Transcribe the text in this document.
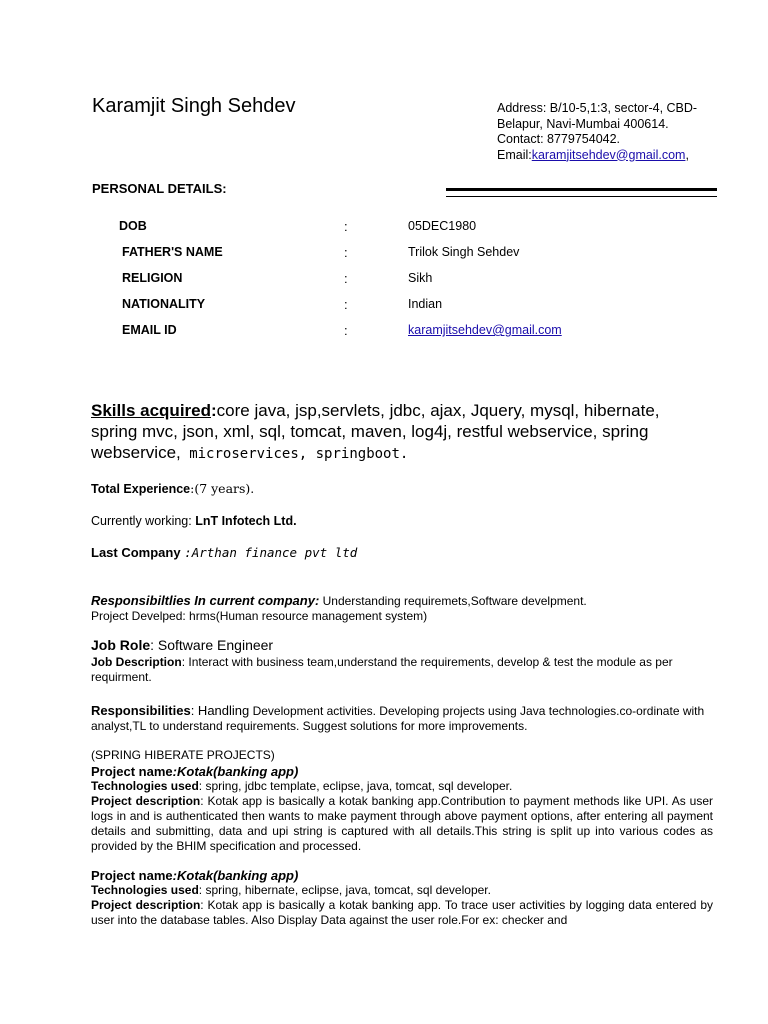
Karamjit Singh Sehdev	Address: B/10-5,1:3, sector-4, CBD-
Belapur, Navi-Mumbai 400614.
Contact: 8779754042.
Email:karamjitsehdev@gmail.com,
PERSONAL DETAILS:
DOB	:	05DEC1980
FATHER'S NAME	:	Trilok Singh Sehdev
RELIGION	:	Sikh
NATIONALITY	:	Indian
EMAIL ID	:	karamjitsehdev@gmail.com
Skills acquired:core java, jsp,servlets, jdbc, ajax, Jquery, mysql, hibernate, spring mvc, json, xml, sql, tomcat, maven, log4j, restful webservice, spring webservice, microservices, springboot.
Total Experience:(7 years).
Currently working: LnT Infotech Ltd.
Last Company :Arthan finance pvt ltd
Responsibiltlies In current company: Understanding requiremets,Software develpment.
Project Develped: hrms(Human resource management system)
Job Role: Software Engineer
Job Description: Interact with business team,understand the requirements, develop & test the module as per requirment.
Responsibilities: Handling Development activities. Developing projects using Java technologies.co-ordinate with analyst,TL to understand requirements. Suggest solutions for more improvements.
(SPRING HIBERATE PROJECTS)
Project name:Kotak(banking app)
Technologies used: spring, jdbc template, eclipse, java, tomcat, sql developer.
Project description: Kotak app is basically a kotak banking app.Contribution to payment methods like UPI. As user logs in and is authenticated then wants to make payment through above payment options, after entering all payment details and submitting, data and upi string is captured with all details.This string is split up into various codes as provided by the BHIM specification and processed.
Project name:Kotak(banking app)
Technologies used: spring, hibernate, eclipse, java, tomcat, sql developer.
Project description: Kotak app is basically a kotak banking app. To trace user activities by logging data entered by user into the database tables. Also Display Data against the user role.For ex: checker and
